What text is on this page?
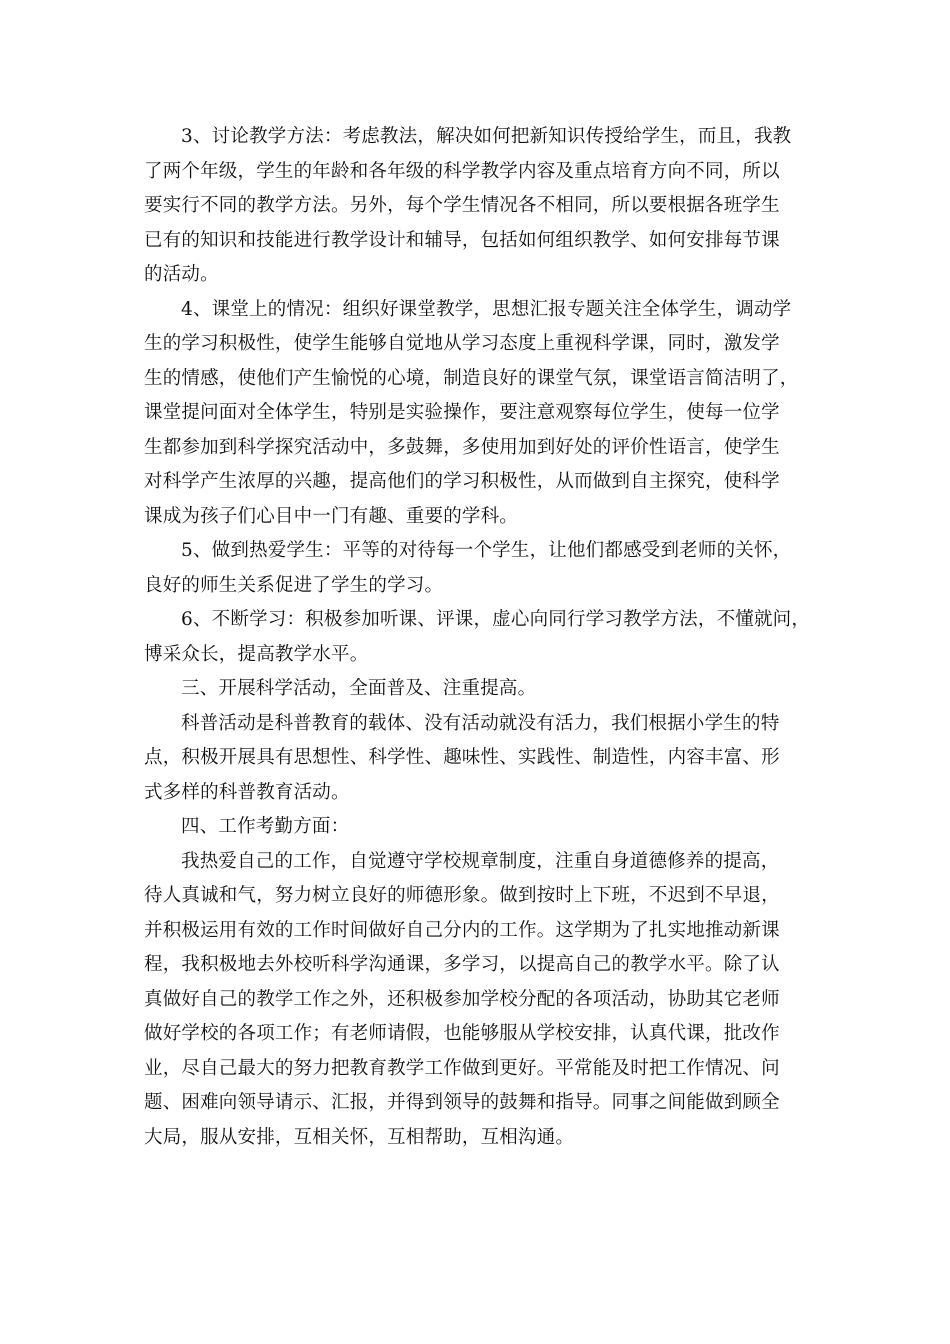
3、讨论教学方法：考虑教法，解决如何把新知识传授给学生，而且，我教
了两个年级，学生的年龄和各年级的科学教学内容及重点培育方向不同，所以
要实行不同的教学方法。另外，每个学生情况各不相同，所以要根据各班学生
已有的知识和技能进行教学设计和辅导，包括如何组织教学、如何安排每节课
的活动。
4、课堂上的情况：组织好课堂教学，思想汇报专题关注全体学生，调动学
生的学习积极性，使学生能够自觉地从学习态度上重视科学课，同时，激发学
生的情感，使他们产生愉悦的心境，制造良好的课堂气氛，课堂语言简洁明了，
课堂提问面对全体学生，特别是实验操作，要注意观察每位学生，使每一位学
生都参加到科学探究活动中，多鼓舞，多使用加到好处的评价性语言，使学生
对科学产生浓厚的兴趣，提高他们的学习积极性，从而做到自主探究，使科学
课成为孩子们心目中一门有趣、重要的学科。
5、做到热爱学生：平等的对待每一个学生，让他们都感受到老师的关怀，
良好的师生关系促进了学生的学习。
6、不断学习：积极参加听课、评课，虚心向同行学习教学方法，不懂就问，
博采众长，提高教学水平。
三、开展科学活动，全面普及、注重提高。
科普活动是科普教育的载体、没有活动就没有活力，我们根据小学生的特
点，积极开展具有思想性、科学性、趣味性、实践性、制造性，内容丰富、形
式多样的科普教育活动。
四、工作考勤方面：
我热爱自己的工作，自觉遵守学校规章制度，注重自身道德修养的提高，
待人真诚和气，努力树立良好的师德形象。做到按时上下班，不迟到不早退，
并积极运用有效的工作时间做好自己分内的工作。这学期为了扎实地推动新课
程，我积极地去外校听科学沟通课，多学习，以提高自己的教学水平。除了认
真做好自己的教学工作之外，还积极参加学校分配的各项活动，协助其它老师
做好学校的各项工作；有老师请假，也能够服从学校安排，认真代课，批改作
业，尽自己最大的努力把教育教学工作做到更好。平常能及时把工作情况、问
题、困难向领导请示、汇报，并得到领导的鼓舞和指导。同事之间能做到顾全
大局，服从安排，互相关怀，互相帮助，互相沟通。
